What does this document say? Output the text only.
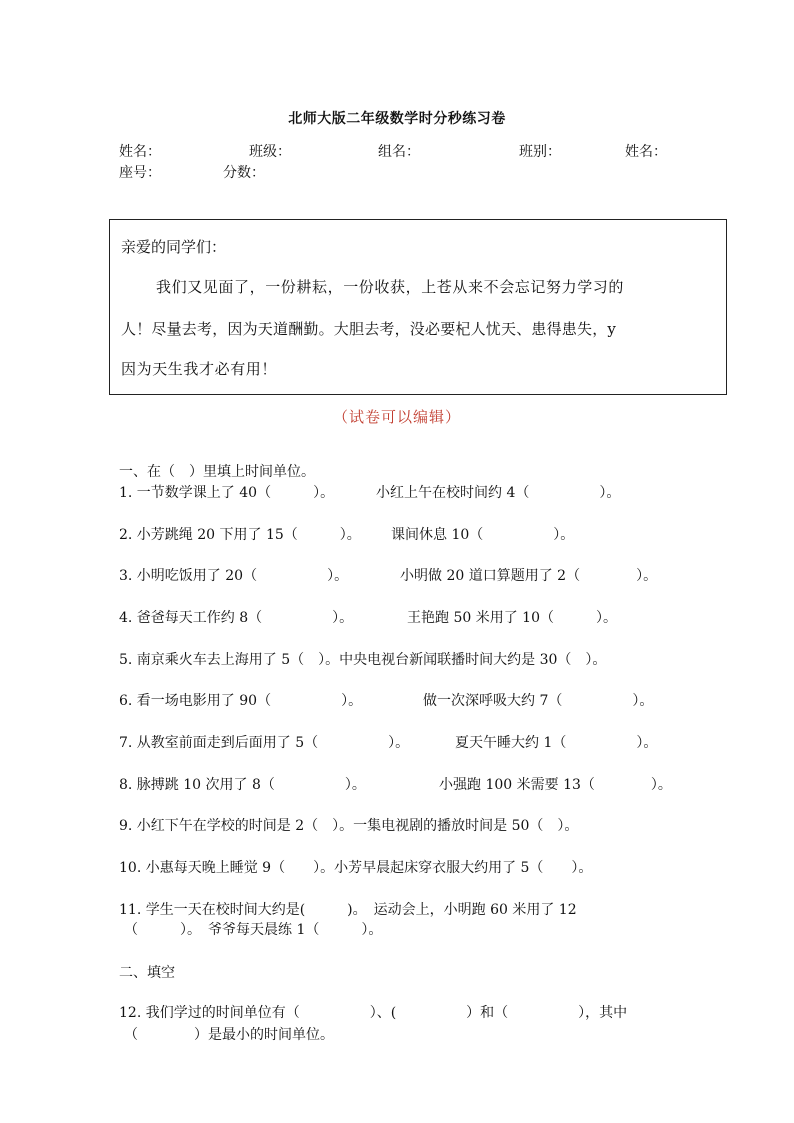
北师大版二年级数学时分秒练习卷
姓名：	班级：	组名：	班别：	姓名：
座号：	分数：
亲爱的同学们：
我们又见面了，一份耕耘，一份收获，上苍从来不会忘记努力学习的
人！尽量去考，因为天道酬勤。大胆去考，没必要杞人忧天、患得患失，y
因为天生我才必有用！
（试卷可以编辑）
一、在（　）里填上时间单位。
1. 一节数学课上了 40（　　　）。	小红上午在校时间约 4（　　　　　）。
2. 小芳跳绳 20 下用了 15（　　　）。 课间休息 10（　　　　　）。
3. 小明吃饭用了 20（　　　　　）。	小明做 20 道口算题用了 2（　　　　）。
4. 爸爸每天工作约 8（　　　　　）。	王艳跑 50 米用了 10（　　　）。
5. 南京乘火车去上海用了 5（　）。中央电视台新闻联播时间大约是 30（　）。
6. 看一场电影用了 90（　　　　　）。	做一次深呼吸大约 7（　　　　　）。
7. 从教室前面走到后面用了 5（　　　　　）。	夏天午睡大约 1（　　　　　）。
8. 脉搏跳 10 次用了 8（　　　　　）。	小强跑 100 米需要 13（　　　　）。
9. 小红下午在学校的时间是 2（　）。一集电视剧的播放时间是 50（　）。
10. 小惠每天晚上睡觉 9（　　）。小芳早晨起床穿衣服大约用了 5（　　）。
11. 学生一天在校时间大约是(　　　)。　运动会上，小明跑 60 米用了 12
（　　　）。　爷爷每天晨练 1（　　　）。
二、填空
12. 我们学过的时间单位有（　　　　　）、(　　　　　）和（　　　　　），其中
（　　　　）是最小的时间单位。
